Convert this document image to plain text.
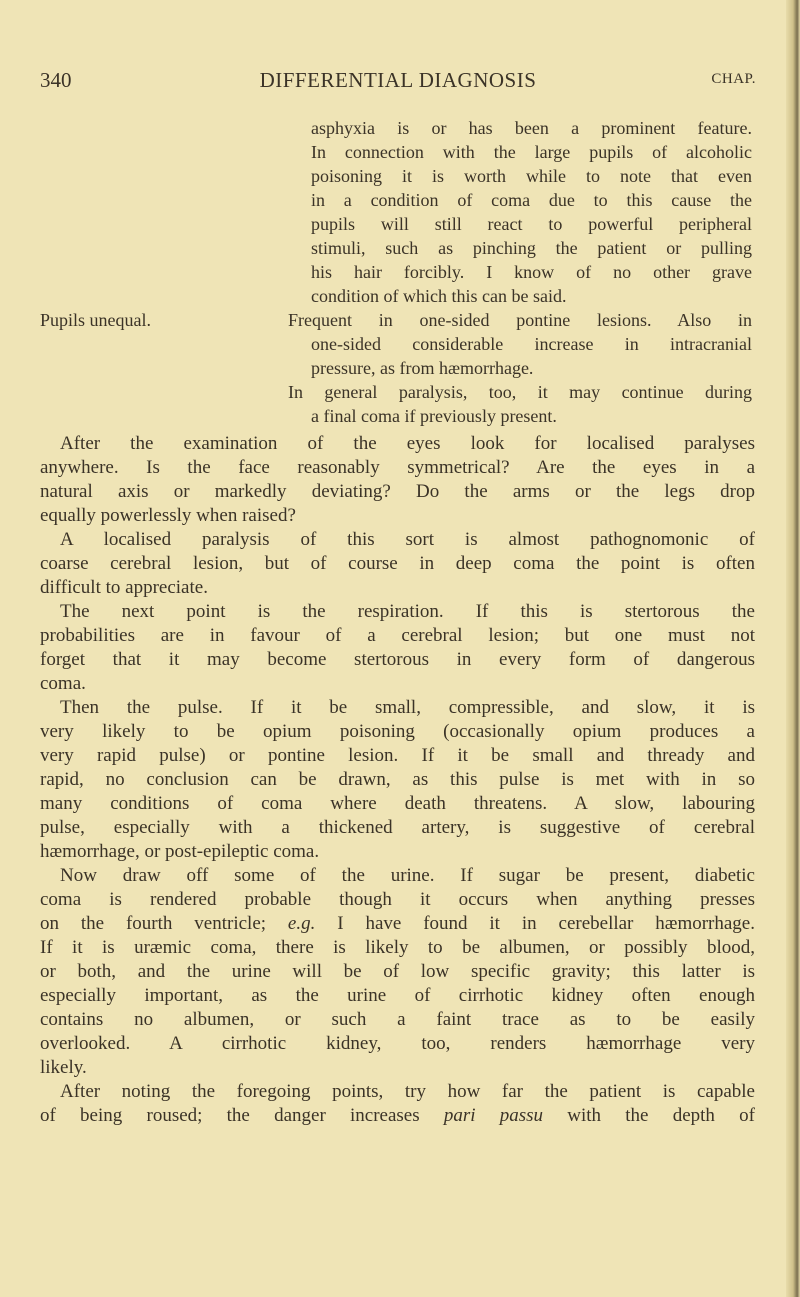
340	DIFFERENTIAL DIAGNOSIS	CHAP.
Pupils unequal.
asphyxia is or has been a prominent feature.
In connection with the large pupils of alcoholic
poisoning it is worth while to note that even
in a condition of coma due to this cause the
pupils will still react to powerful peripheral
stimuli, such as pinching the patient or pulling
his hair forcibly. I know of no other grave
condition of which this can be said.
Frequent in one-sided pontine lesions. Also in
one-sided considerable increase in intracranial
pressure, as from hæmorrhage.
In general paralysis, too, it may continue during
a final coma if previously present.
After the examination of the eyes look for localised paralyses
anywhere. Is the face reasonably symmetrical? Are the eyes in a
natural axis or markedly deviating? Do the arms or the legs drop
equally powerlessly when raised?
A localised paralysis of this sort is almost pathognomonic of
coarse cerebral lesion, but of course in deep coma the point is often
difficult to appreciate.
The next point is the respiration. If this is stertorous the
probabilities are in favour of a cerebral lesion; but one must not
forget that it may become stertorous in every form of dangerous
coma.
Then the pulse. If it be small, compressible, and slow, it is
very likely to be opium poisoning (occasionally opium produces a
very rapid pulse) or pontine lesion. If it be small and thready and
rapid, no conclusion can be drawn, as this pulse is met with in so
many conditions of coma where death threatens. A slow, labouring
pulse, especially with a thickened artery, is suggestive of cerebral
hæmorrhage, or post-epileptic coma.
Now draw off some of the urine. If sugar be present, diabetic
coma is rendered probable though it occurs when anything presses
on the fourth ventricle; e.g. I have found it in cerebellar hæmorrhage.
If it is uræmic coma, there is likely to be albumen, or possibly blood,
or both, and the urine will be of low specific gravity; this latter is
especially important, as the urine of cirrhotic kidney often enough
contains no albumen, or such a faint trace as to be easily
overlooked. A cirrhotic kidney, too, renders hæmorrhage very
likely.
After noting the foregoing points, try how far the patient is capable
of being roused; the danger increases pari passu with the depth of
